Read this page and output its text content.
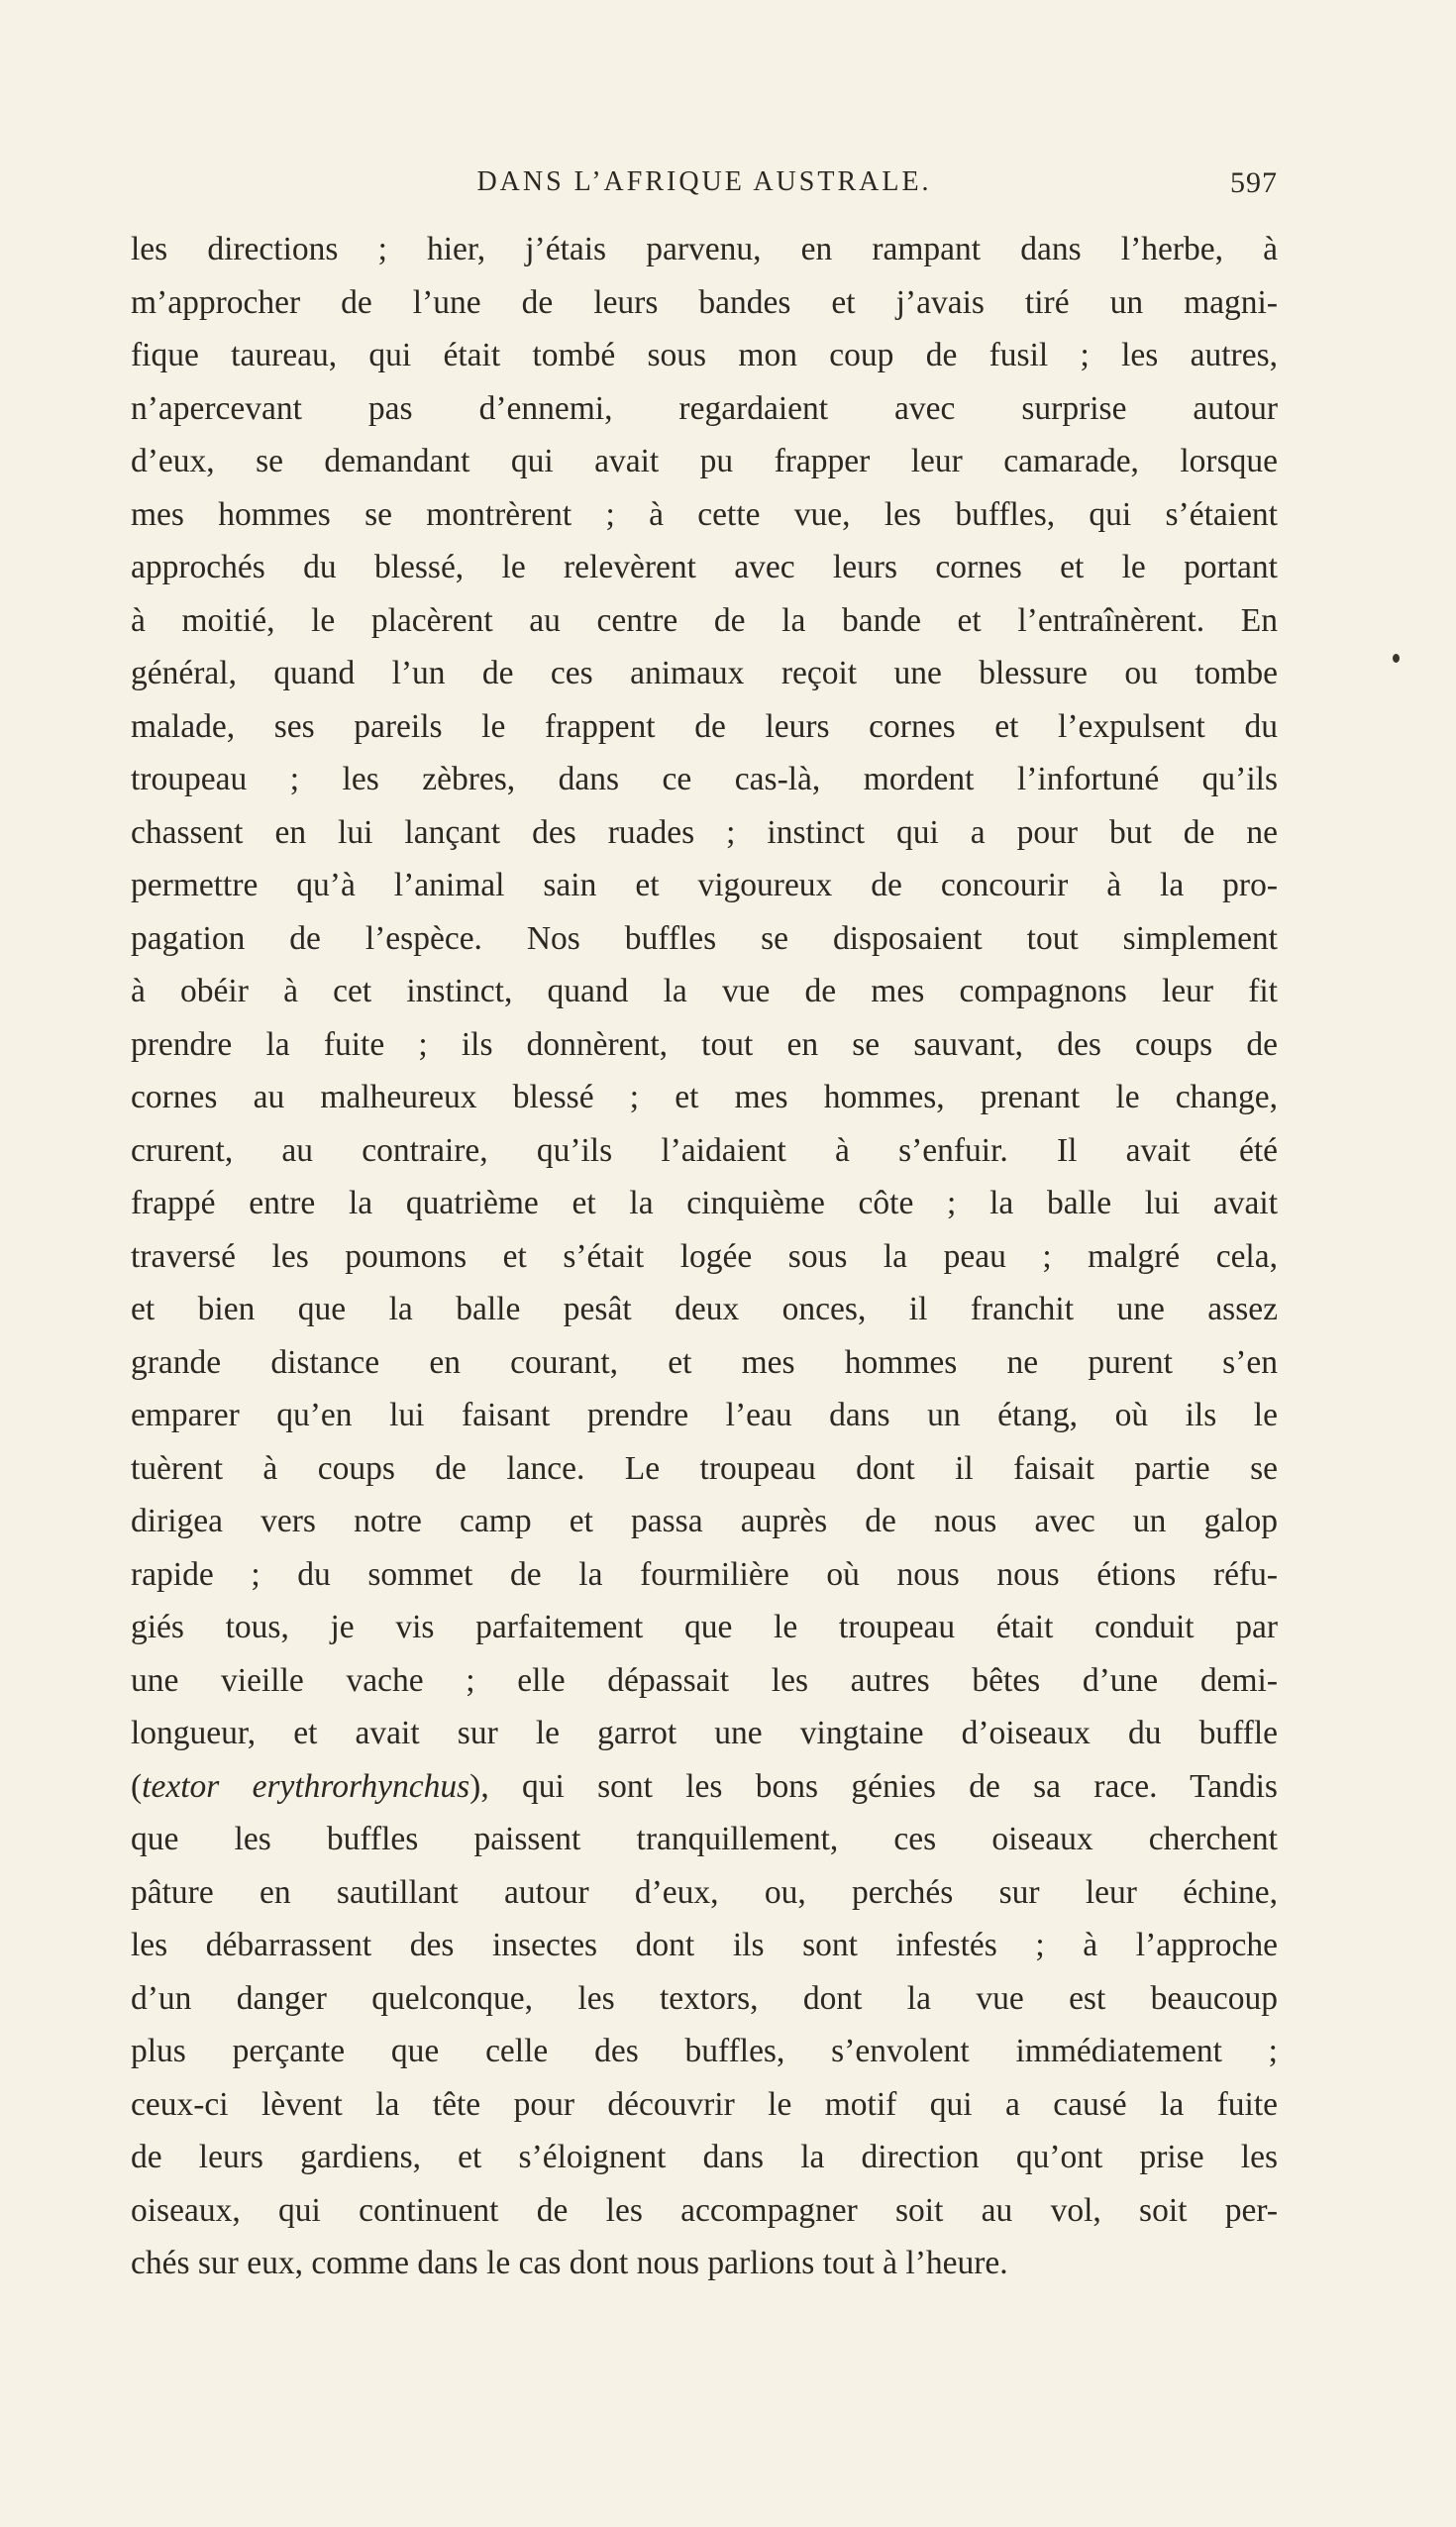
DANS L’AFRIQUE AUSTRALE.	597
les directions ; hier, j’étais parvenu, en rampant dans l’herbe, à
m’approcher de l’une de leurs bandes et j’avais tiré un magni-
fique taureau, qui était tombé sous mon coup de fusil ; les autres,
n’apercevant pas d’ennemi, regardaient avec surprise autour
d’eux, se demandant qui avait pu frapper leur camarade, lorsque
mes hommes se montrèrent ; à cette vue, les buffles, qui s’étaient
approchés du blessé, le relevèrent avec leurs cornes et le portant
à moitié, le placèrent au centre de la bande et l’entraînèrent. En
général, quand l’un de ces animaux reçoit une blessure ou tombe
malade, ses pareils le frappent de leurs cornes et l’expulsent du
troupeau ; les zèbres, dans ce cas-là, mordent l’infortuné qu’ils
chassent en lui lançant des ruades ; instinct qui a pour but de ne
permettre qu’à l’animal sain et vigoureux de concourir à la pro-
pagation de l’espèce. Nos buffles se disposaient tout simplement
à obéir à cet instinct, quand la vue de mes compagnons leur fit
prendre la fuite ; ils donnèrent, tout en se sauvant, des coups de
cornes au malheureux blessé ; et mes hommes, prenant le change,
crurent, au contraire, qu’ils l’aidaient à s’enfuir. Il avait été
frappé entre la quatrième et la cinquième côte ; la balle lui avait
traversé les poumons et s’était logée sous la peau ; malgré cela,
et bien que la balle pesât deux onces, il franchit une assez
grande distance en courant, et mes hommes ne purent s’en
emparer qu’en lui faisant prendre l’eau dans un étang, où ils le
tuèrent à coups de lance. Le troupeau dont il faisait partie se
dirigea vers notre camp et passa auprès de nous avec un galop
rapide ; du sommet de la fourmilière où nous nous étions réfu-
giés tous, je vis parfaitement que le troupeau était conduit par
une vieille vache ; elle dépassait les autres bêtes d’une demi-
longueur, et avait sur le garrot une vingtaine d’oiseaux du buffle
(textor erythrorhynchus), qui sont les bons génies de sa race. Tandis
que les buffles paissent tranquillement, ces oiseaux cherchent
pâture en sautillant autour d’eux, ou, perchés sur leur échine,
les débarrassent des insectes dont ils sont infestés ; à l’approche
d’un danger quelconque, les textors, dont la vue est beaucoup
plus perçante que celle des buffles, s’envolent immédiatement ;
ceux-ci lèvent la tête pour découvrir le motif qui a causé la fuite
de leurs gardiens, et s’éloignent dans la direction qu’ont prise les
oiseaux, qui continuent de les accompagner soit au vol, soit per-
chés sur eux, comme dans le cas dont nous parlions tout à l’heure.
